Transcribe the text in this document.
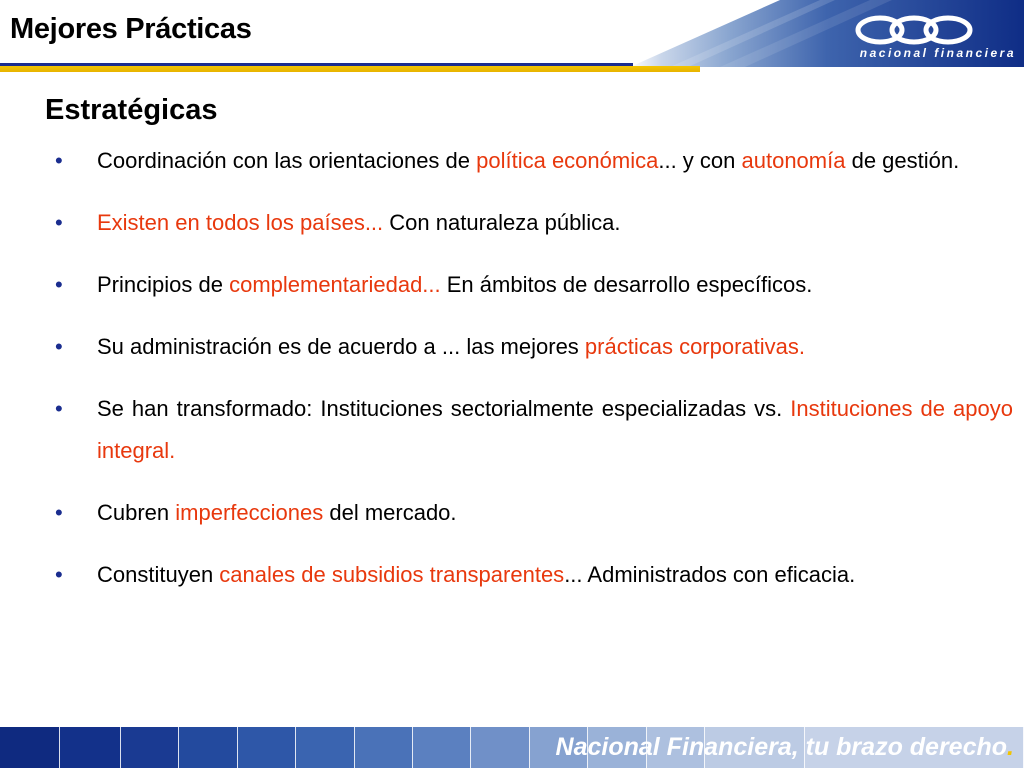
Mejores Prácticas
nacional financiera
Estratégicas
• Coordinación con las orientaciones de política económica... y con autonomía de gestión.
• Existen en todos los países... Con naturaleza pública.
• Principios de complementariedad... En ámbitos de desarrollo específicos.
• Su administración es de acuerdo a ... las mejores prácticas corporativas.
• Se han transformado: Instituciones sectorialmente especializadas vs. Instituciones de apoyo integral.
• Cubren imperfecciones del mercado.
• Constituyen canales de subsidios transparentes... Administrados con eficacia.
Nacional Financiera, tu brazo derecho.
